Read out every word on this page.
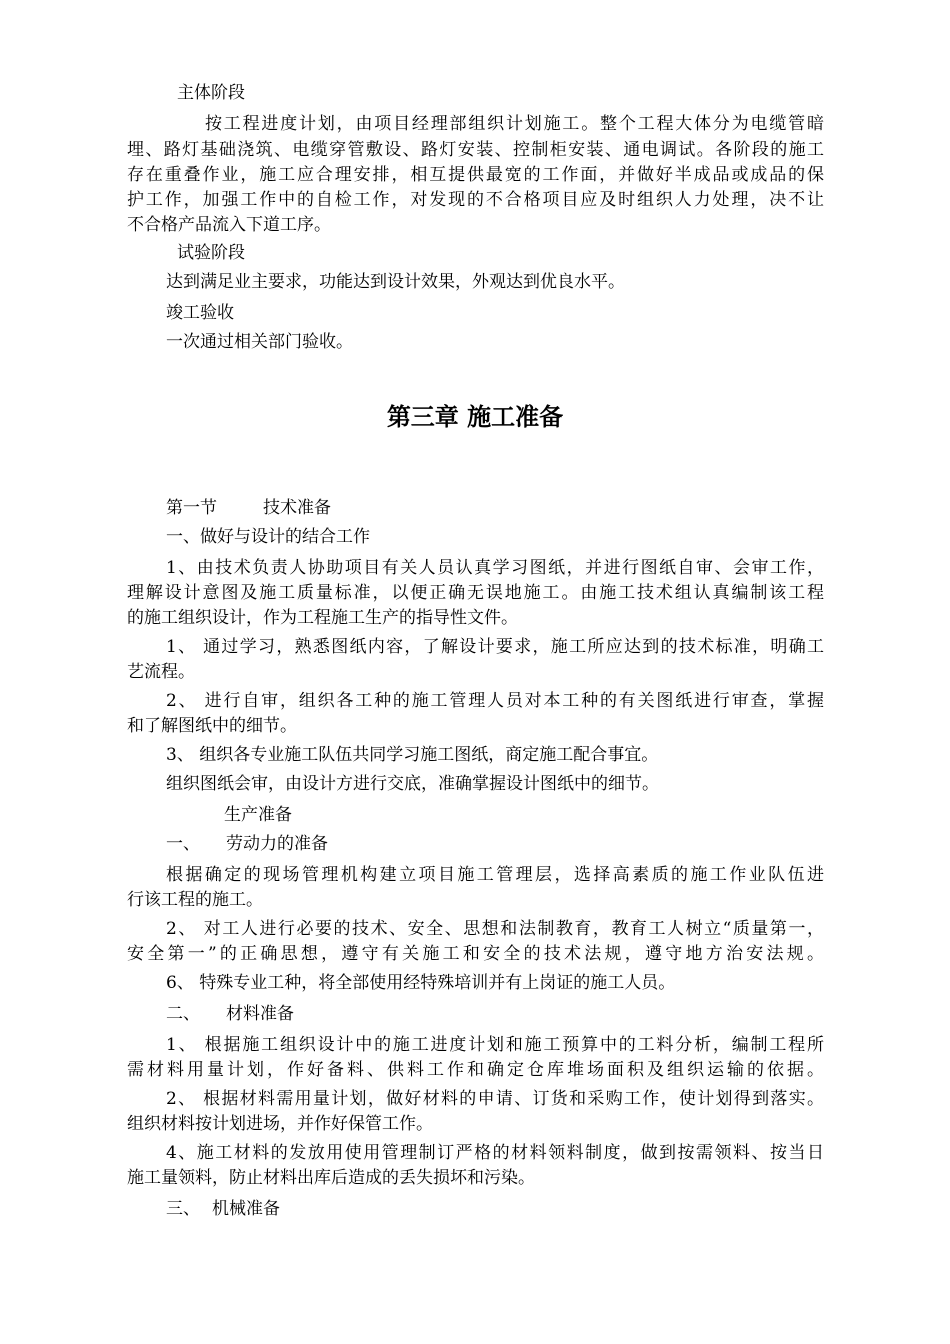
主体阶段
按工程进度计划，由项目经理部组织计划施工。整个工程大体分为电缆管暗
埋、路灯基础浇筑、电缆穿管敷设、路灯安装、控制柜安装、通电调试。各阶段的施工
存在重叠作业，施工应合理安排，相互提供最宽的工作面，并做好半成品或成品的保
护工作，加强工作中的自检工作，对发现的不合格项目应及时组织人力处理，决不让
不合格产品流入下道工序。
试验阶段
达到满足业主要求，功能达到设计效果，外观达到优良水平。
竣工验收
一次通过相关部门验收。
第三章 施工准备
第一节	技术准备
一、做好与设计的结合工作
1、由技术负责人协助项目有关人员认真学习图纸，并进行图纸自审、会审工作，
理解设计意图及施工质量标准，以便正确无误地施工。由施工技术组认真编制该工程
的施工组织设计，作为工程施工生产的指导性文件。
1、 通过学习，熟悉图纸内容，了解设计要求，施工所应达到的技术标准，明确工
艺流程。
2、 进行自审，组织各工种的施工管理人员对本工种的有关图纸进行审查，掌握
和了解图纸中的细节。
3、 组织各专业施工队伍共同学习施工图纸，商定施工配合事宜。
组织图纸会审，由设计方进行交底，准确掌握设计图纸中的细节。
生产准备
一、 劳动力的准备
根据确定的现场管理机构建立项目施工管理层，选择高素质的施工作业队伍进
行该工程的施工。
2、 对工人进行必要的技术、安全、思想和法制教育，教育工人树立“质量第一，
安全第一”的正确思想，遵守有关施工和安全的技术法规，遵守地方治安法规。
6、 特殊专业工种，将全部使用经特殊培训并有上岗证的施工人员。
二、 材料准备
1、 根据施工组织设计中的施工进度计划和施工预算中的工料分析，编制工程所
需材料用量计划，作好备料、供料工作和确定仓库堆场面积及组织运输的依据。
2、 根据材料需用量计划，做好材料的申请、订货和采购工作，使计划得到落实。
组织材料按计划进场，并作好保管工作。
4、施工材料的发放用使用管理制订严格的材料领料制度，做到按需领料、按当日
施工量领料，防止材料出库后造成的丢失损坏和污染。
三、 机械准备
